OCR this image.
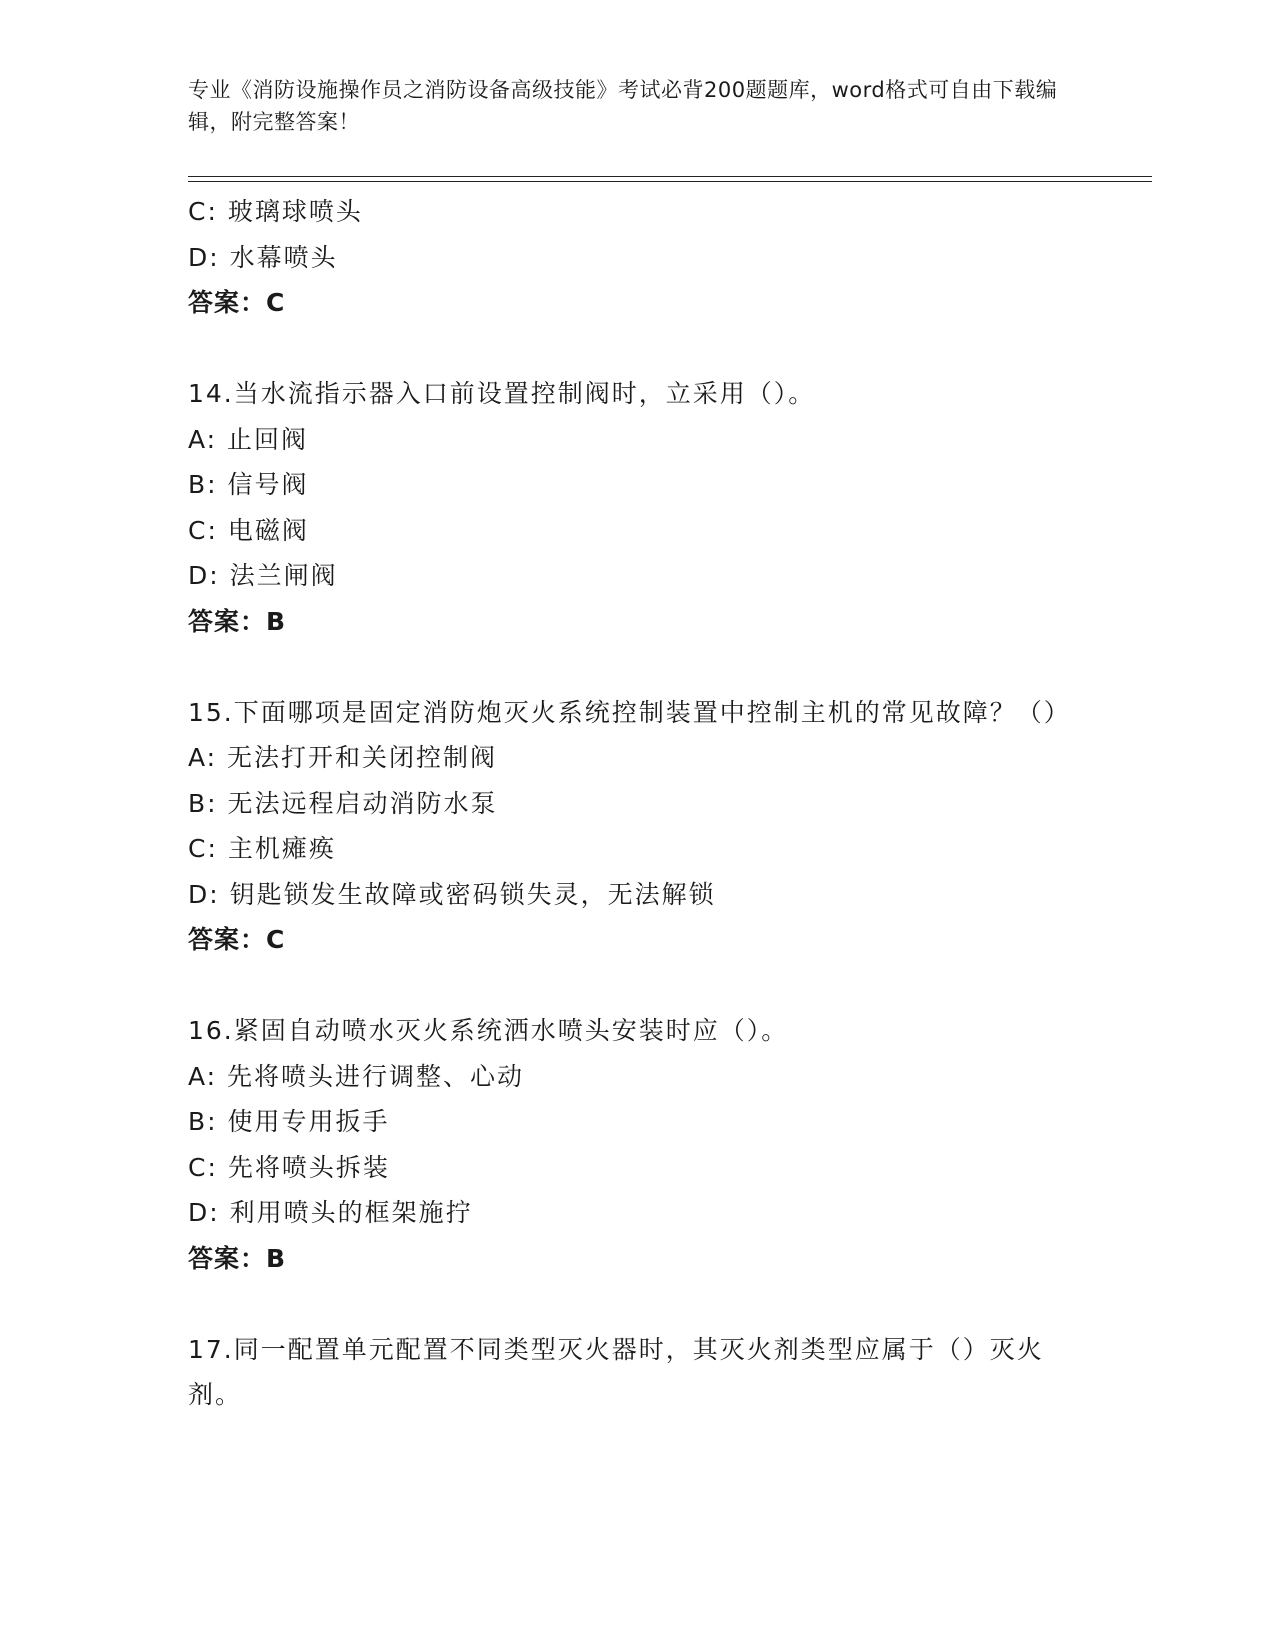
专业《消防设施操作员之消防设备高级技能》考试必背200题题库，word格式可自由下载编辑，附完整答案！
C: 玻璃球喷头
D: 水幕喷头
答案：C
14.当水流指示器入口前设置控制阀时，立采用（）。
A: 止回阀
B: 信号阀
C: 电磁阀
D: 法兰闸阀
答案：B
15.下面哪项是固定消防炮灭火系统控制装置中控制主机的常见故障？（）
A: 无法打开和关闭控制阀
B: 无法远程启动消防水泵
C: 主机瘫痪
D: 钥匙锁发生故障或密码锁失灵，无法解锁
答案：C
16.紧固自动喷水灭火系统洒水喷头安装时应（）。
A: 先将喷头进行调整、心动
B: 使用专用扳手
C: 先将喷头拆装
D: 利用喷头的框架施拧
答案：B
17.同一配置单元配置不同类型灭火器时，其灭火剂类型应属于（）灭火剂。
